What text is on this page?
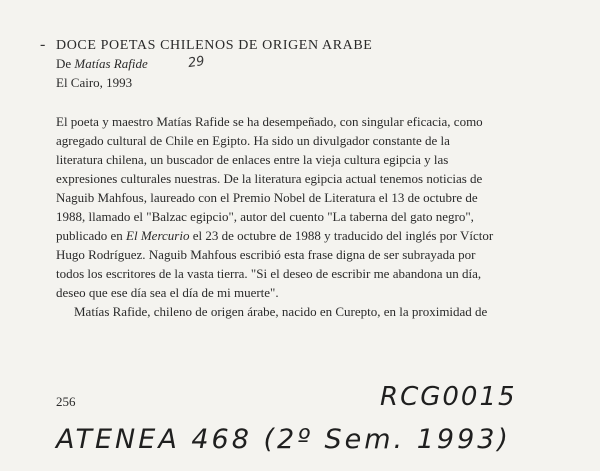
- DOCE POETAS CHILENOS DE ORIGEN ARABE
De Matías Rafide	29
El Cairo, 1993

El poeta y maestro Matías Rafide se ha desempeñado, con singular eficacia, como
agregado cultural de Chile en Egipto. Ha sido un divulgador constante de la
literatura chilena, un buscador de enlaces entre la vieja cultura egipcia y las
expresiones culturales nuestras. De la literatura egipcia actual tenemos noticias de
Naguib Mahfous, laureado con el Premio Nobel de Literatura el 13 de octubre de
1988, llamado el "Balzac egipcio", autor del cuento "La taberna del gato negro",
publicado en El Mercurio el 23 de octubre de 1988 y traducido del inglés por Víctor
Hugo Rodríguez. Naguib Mahfous escribió esta frase digna de ser subrayada por
todos los escritores de la vasta tierra. "Si el deseo de escribir me abandona un día,
deseo que ese día sea el día de mi muerte".

Matías Rafide, chileno de origen árabe, nacido en Curepto, en la proximidad de

256	RCG0015
ATENEA 468 (2º Sem. 1993)
